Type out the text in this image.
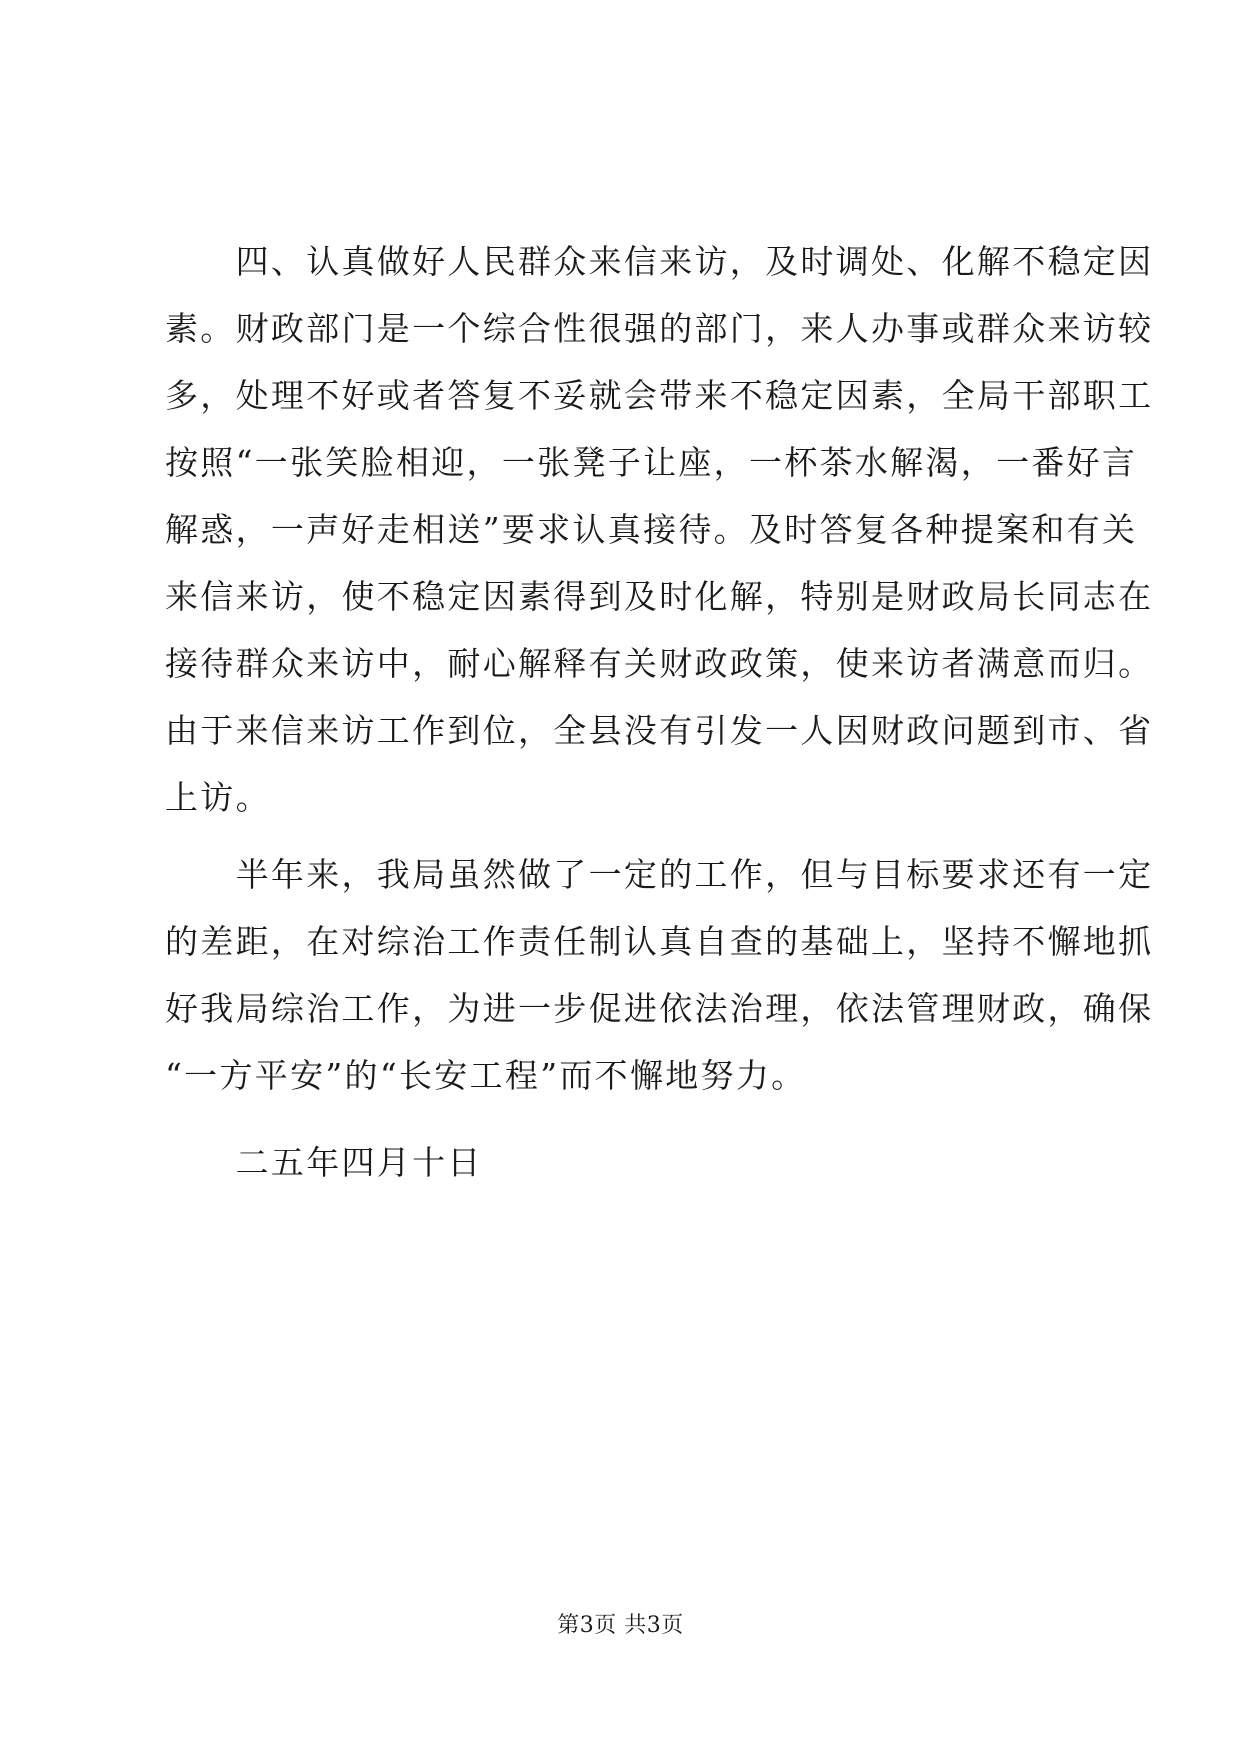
　　四、认真做好人民群众来信来访，及时调处、化解不稳定因
素。财政部门是一个综合性很强的部门，来人办事或群众来访较
多，处理不好或者答复不妥就会带来不稳定因素，全局干部职工
按照“一张笑脸相迎，一张凳子让座，一杯茶水解渴，一番好言
解惑，一声好走相送”要求认真接待。及时答复各种提案和有关
来信来访，使不稳定因素得到及时化解，特别是财政局长同志在
接待群众来访中，耐心解释有关财政政策，使来访者满意而归。
由于来信来访工作到位，全县没有引发一人因财政问题到市、省
上访。
　　半年来，我局虽然做了一定的工作，但与目标要求还有一定
的差距，在对综治工作责任制认真自查的基础上，坚持不懈地抓
好我局综治工作，为进一步促进依法治理，依法管理财政，确保
“一方平安”的“长安工程”而不懈地努力。
　　二五年四月十日
第3页 共3页
